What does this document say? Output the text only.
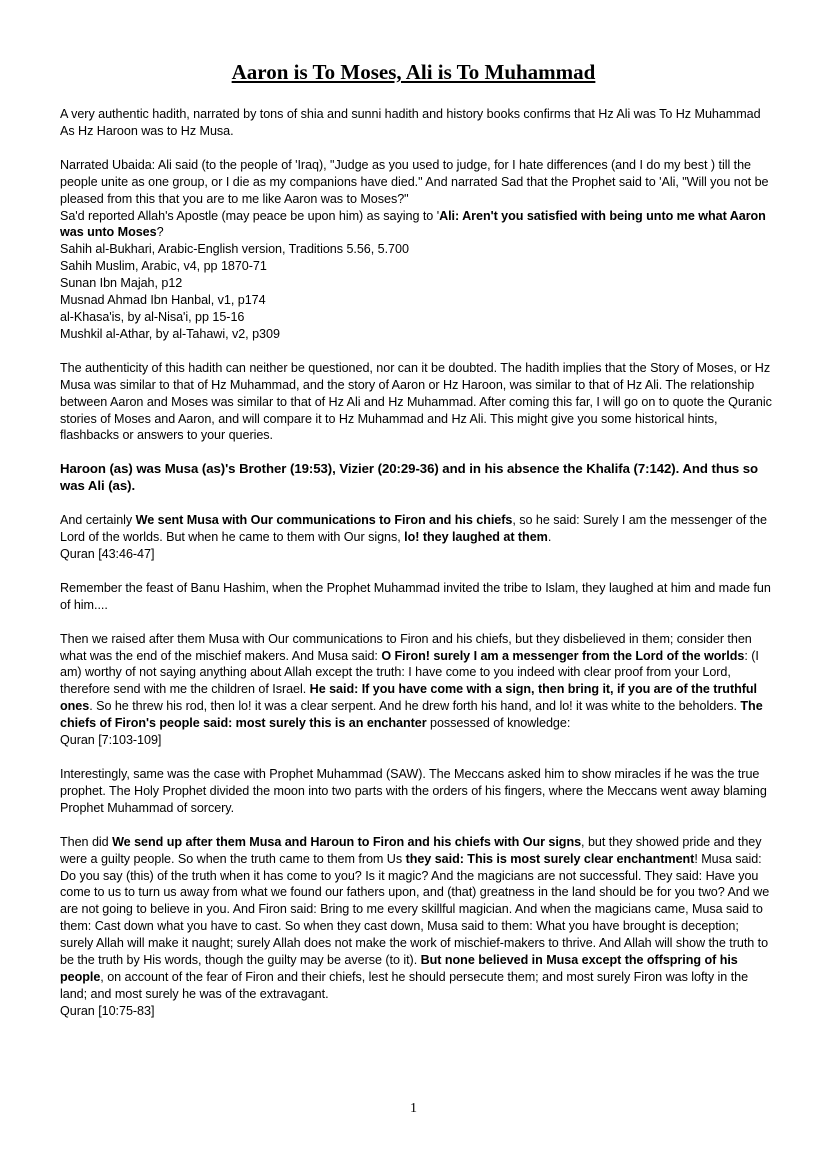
Aaron is To Moses, Ali is To Muhammad

A very authentic hadith, narrated by tons of shia and sunni hadith and history books confirms that Hz Ali was To Hz Muhammad As Hz Haroon was to Hz Musa.

Narrated Ubaida: Ali said (to the people of 'Iraq), "Judge as you used to judge, for I hate differences (and I do my best ) till the people unite as one group, or I die as my companions have died." And narrated Sad that the Prophet said to 'Ali, "Will you not be pleased from this that you are to me like Aaron was to Moses?"

Sa'd reported Allah's Apostle (may peace be upon him) as saying to 'Ali: Aren't you satisfied with being unto me what Aaron was unto Moses?

Sahih al-Bukhari, Arabic-English version, Traditions 5.56, 5.700

Sahih Muslim, Arabic, v4, pp 1870-71

Sunan Ibn Majah, p12

Musnad Ahmad Ibn Hanbal, v1, p174

al-Khasa'is, by al-Nisa'i, pp 15-16

Mushkil al-Athar, by al-Tahawi, v2, p309

The authenticity of this hadith can neither be questioned, nor can it be doubted. The hadith implies that the Story of Moses, or Hz Musa was similar to that of Hz Muhammad, and the story of Aaron or Hz Haroon, was similar to that of Hz Ali. The relationship between Aaron and Moses was similar to that of Hz Ali and Hz Muhammad. After coming this far, I will go on to quote the Quranic stories of Moses and Aaron, and will compare it to Hz Muhammad and Hz Ali. This might give you some historical hints, flashbacks or answers to your queries.

Haroon (as) was Musa (as)'s Brother (19:53), Vizier (20:29-36) and in his absence the Khalifa (7:142). And thus so was Ali (as).

And certainly We sent Musa with Our communications to Firon and his chiefs, so he said: Surely I am the messenger of the Lord of the worlds. But when he came to them with Our signs, lo! they laughed at them.
Quran [43:46-47]

Remember the feast of Banu Hashim, when the Prophet Muhammad invited the tribe to Islam, they laughed at him and made fun of him....

Then we raised after them Musa with Our communications to Firon and his chiefs, but they disbelieved in them; consider then what was the end of the mischief makers. And Musa said: O Firon! surely I am a messenger from the Lord of the worlds: (I am) worthy of not saying anything about Allah except the truth: I have come to you indeed with clear proof from your Lord, therefore send with me the children of Israel. He said: If you have come with a sign, then bring it, if you are of the truthful ones. So he threw his rod, then lo! it was a clear serpent. And he drew forth his hand, and lo! it was white to the beholders. The chiefs of Firon's people said: most surely this is an enchanter possessed of knowledge:
Quran [7:103-109]

Interestingly, same was the case with Prophet Muhammad (SAW). The Meccans asked him to show miracles if he was the true prophet. The Holy Prophet divided the moon into two parts with the orders of his fingers, where the Meccans went away blaming Prophet Muhammad of sorcery.

Then did We send up after them Musa and Haroun to Firon and his chiefs with Our signs, but they showed pride and they were a guilty people. So when the truth came to them from Us they said: This is most surely clear enchantment! Musa said: Do you say (this) of the truth when it has come to you? Is it magic? And the magicians are not successful. They said: Have you come to us to turn us away from what we found our fathers upon, and (that) greatness in the land should be for you two? And we are not going to believe in you. And Firon said: Bring to me every skillful magician. And when the magicians came, Musa said to them: Cast down what you have to cast. So when they cast down, Musa said to them: What you have brought is deception; surely Allah will make it naught; surely Allah does not make the work of mischief-makers to thrive. And Allah will show the truth to be the truth by His words, though the guilty may be averse (to it). But none believed in Musa except the offspring of his people, on account of the fear of Firon and their chiefs, lest he should persecute them; and most surely Firon was lofty in the land; and most surely he was of the extravagant.
Quran [10:75-83]

1
